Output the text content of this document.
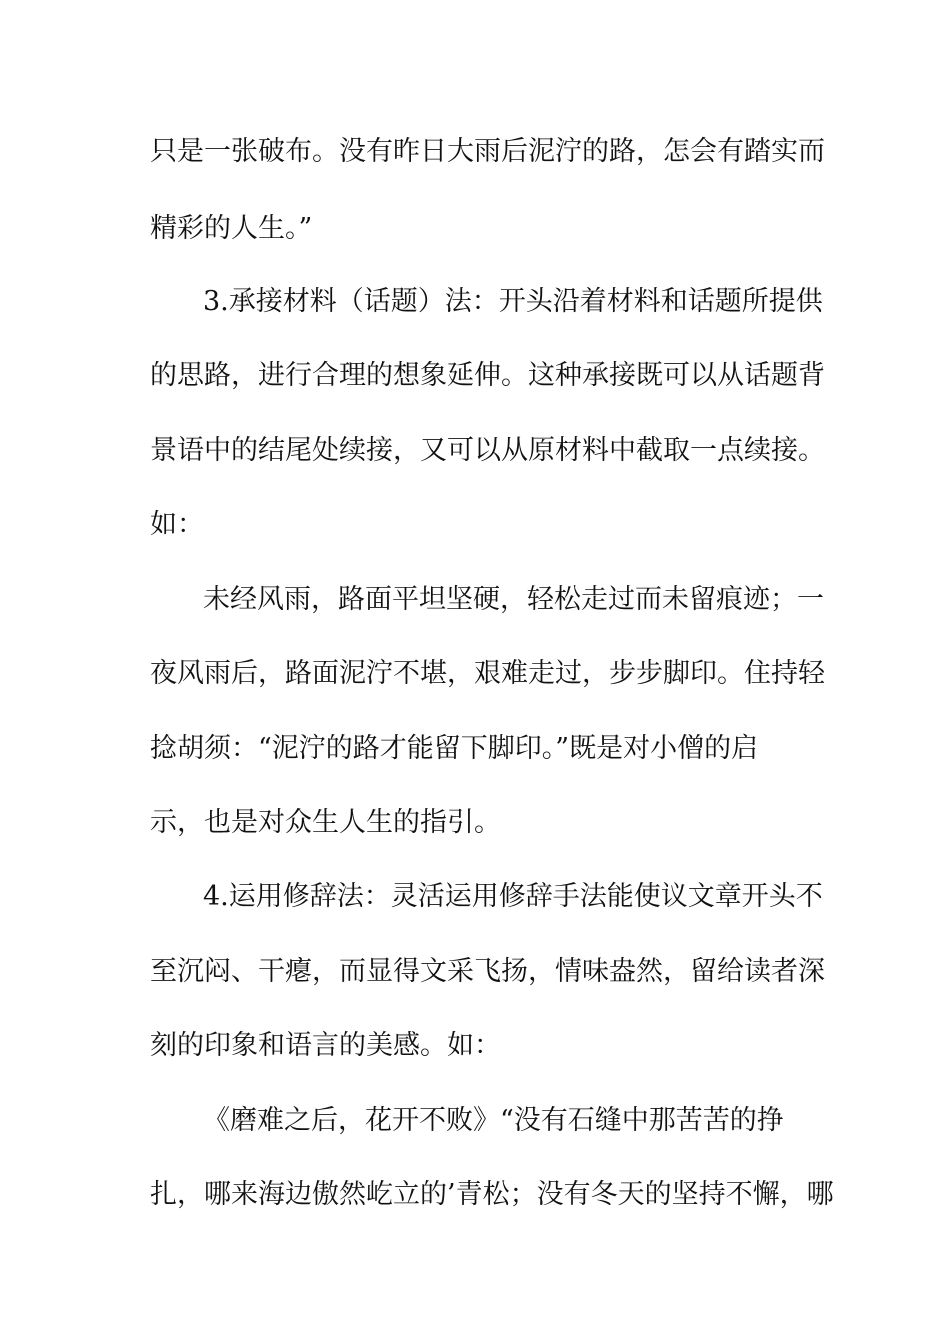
只是一张破布。没有昨日大雨后泥泞的路，怎会有踏实而
精彩的人生。”
3.承接材料（话题）法：开头沿着材料和话题所提供
的思路，进行合理的想象延伸。这种承接既可以从话题背
景语中的结尾处续接，又可以从原材料中截取一点续接。
如：
未经风雨，路面平坦坚硬，轻松走过而未留痕迹；一
夜风雨后，路面泥泞不堪，艰难走过，步步脚印。住持轻
捻胡须：“泥泞的路才能留下脚印。”既是对小僧的启
示，也是对众生人生的指引。
4.运用修辞法：灵活运用修辞手法能使议文章开头不
至沉闷、干瘪，而显得文采飞扬，情味盎然，留给读者深
刻的印象和语言的美感。如：
《磨难之后，花开不败》“没有石缝中那苦苦的挣
扎，哪来海边傲然屹立的’青松；没有冬天的坚持不懈，哪
